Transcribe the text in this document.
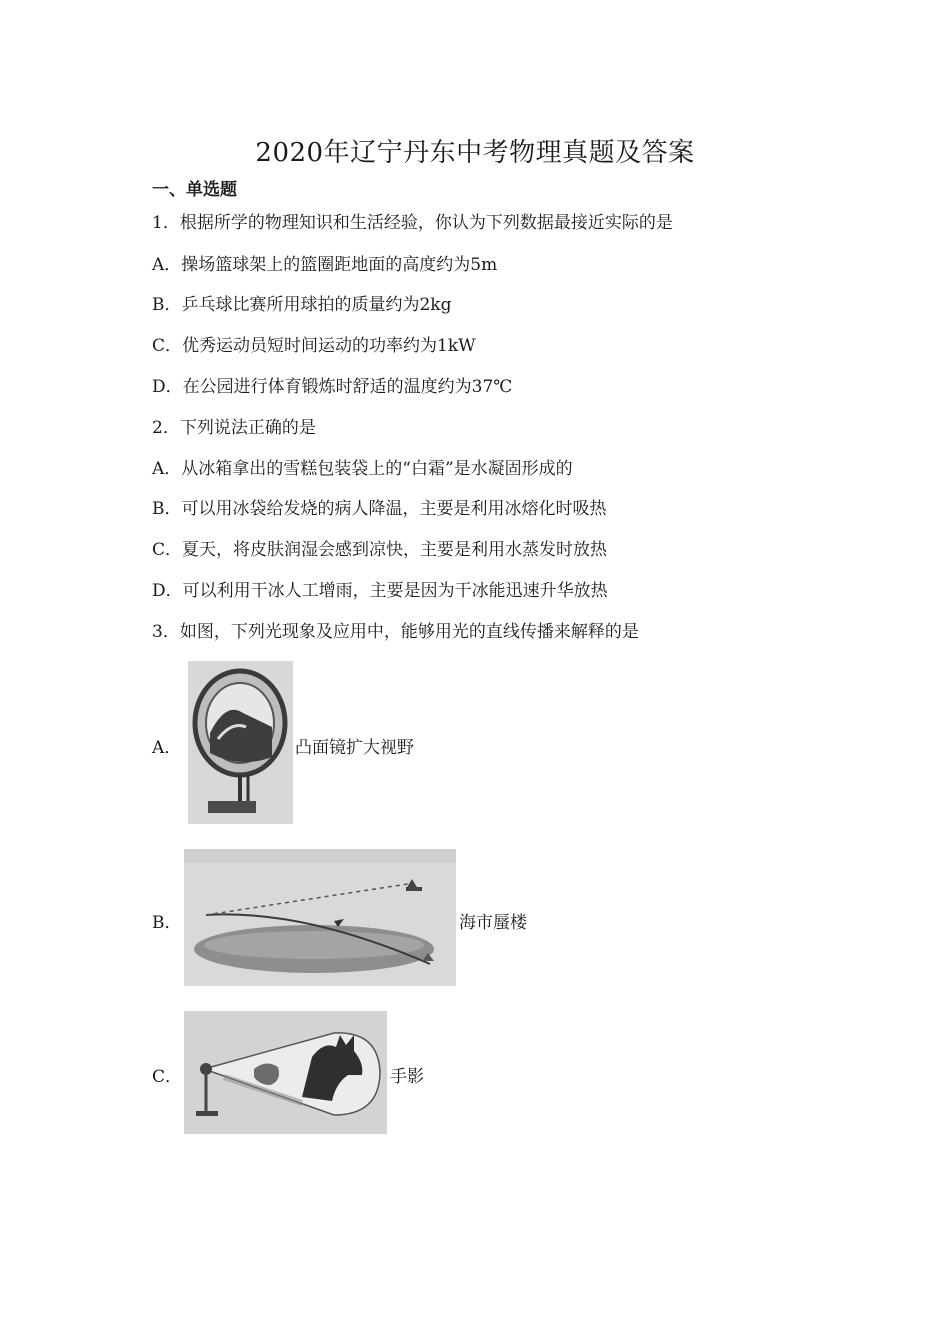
2020年辽宁丹东中考物理真题及答案
一、单选题
1．根据所学的物理知识和生活经验，你认为下列数据最接近实际的是
A．操场篮球架上的篮圈距地面的高度约为5m
B．乒乓球比赛所用球拍的质量约为2kg
C．优秀运动员短时间运动的功率约为1kW
D．在公园进行体育锻炼时舒适的温度约为37℃
2．下列说法正确的是
A．从冰箱拿出的雪糕包装袋上的“白霜”是水凝固形成的
B．可以用冰袋给发烧的病人降温，主要是利用冰熔化时吸热
C．夏天，将皮肤润湿会感到凉快，主要是利用水蒸发时放热
D．可以利用干冰人工增雨，主要是因为干冰能迅速升华放热
3．如图，下列光现象及应用中，能够用光的直线传播来解释的是
A．	凸面镜扩大视野
B．	海市蜃楼
C．	手影
